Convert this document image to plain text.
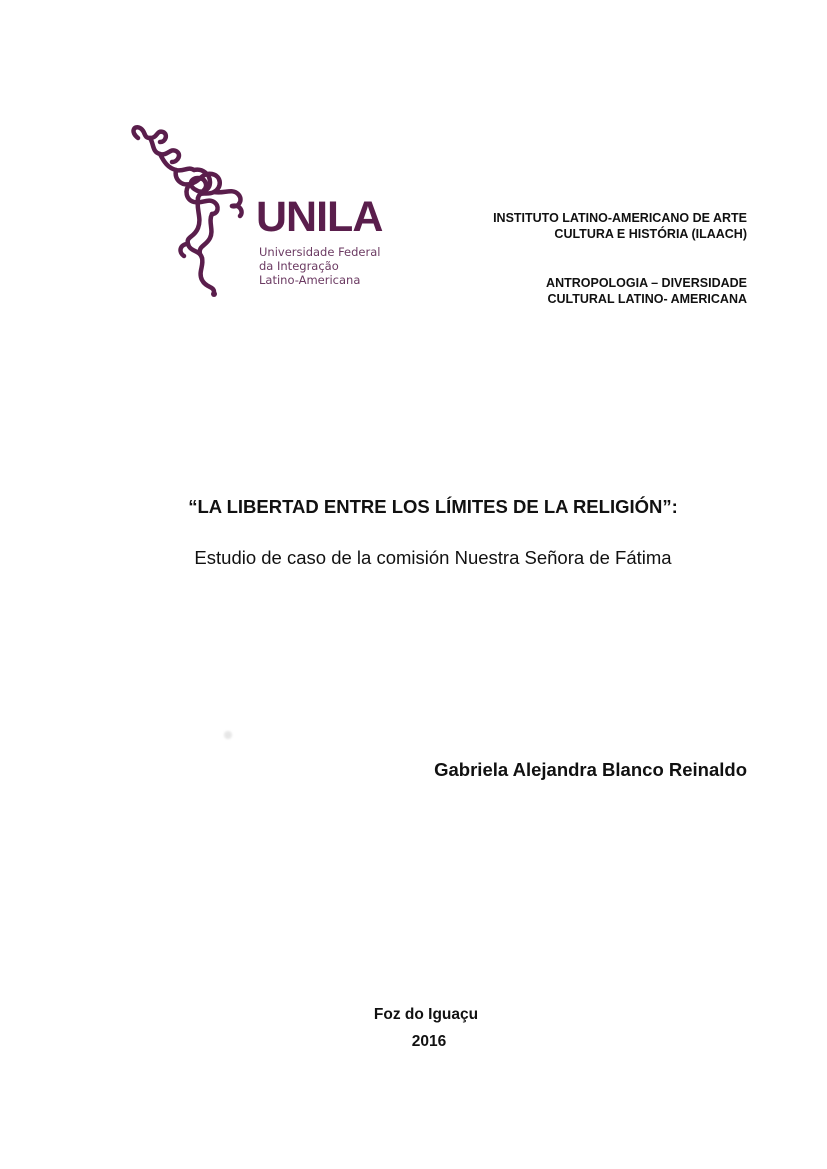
UNILA
Universidade Federal
da Integração
Latino-Americana
INSTITUTO LATINO-AMERICANO DE ARTE
CULTURA E HISTÓRIA (ILAACH)
ANTROPOLOGIA – DIVERSIDADE
CULTURAL LATINO- AMERICANA
“LA LIBERTAD ENTRE LOS LÍMITES DE LA RELIGIÓN”:
Estudio de caso de la comisión Nuestra Señora de Fátima
Gabriela Alejandra Blanco Reinaldo
Foz do Iguaçu
2016
